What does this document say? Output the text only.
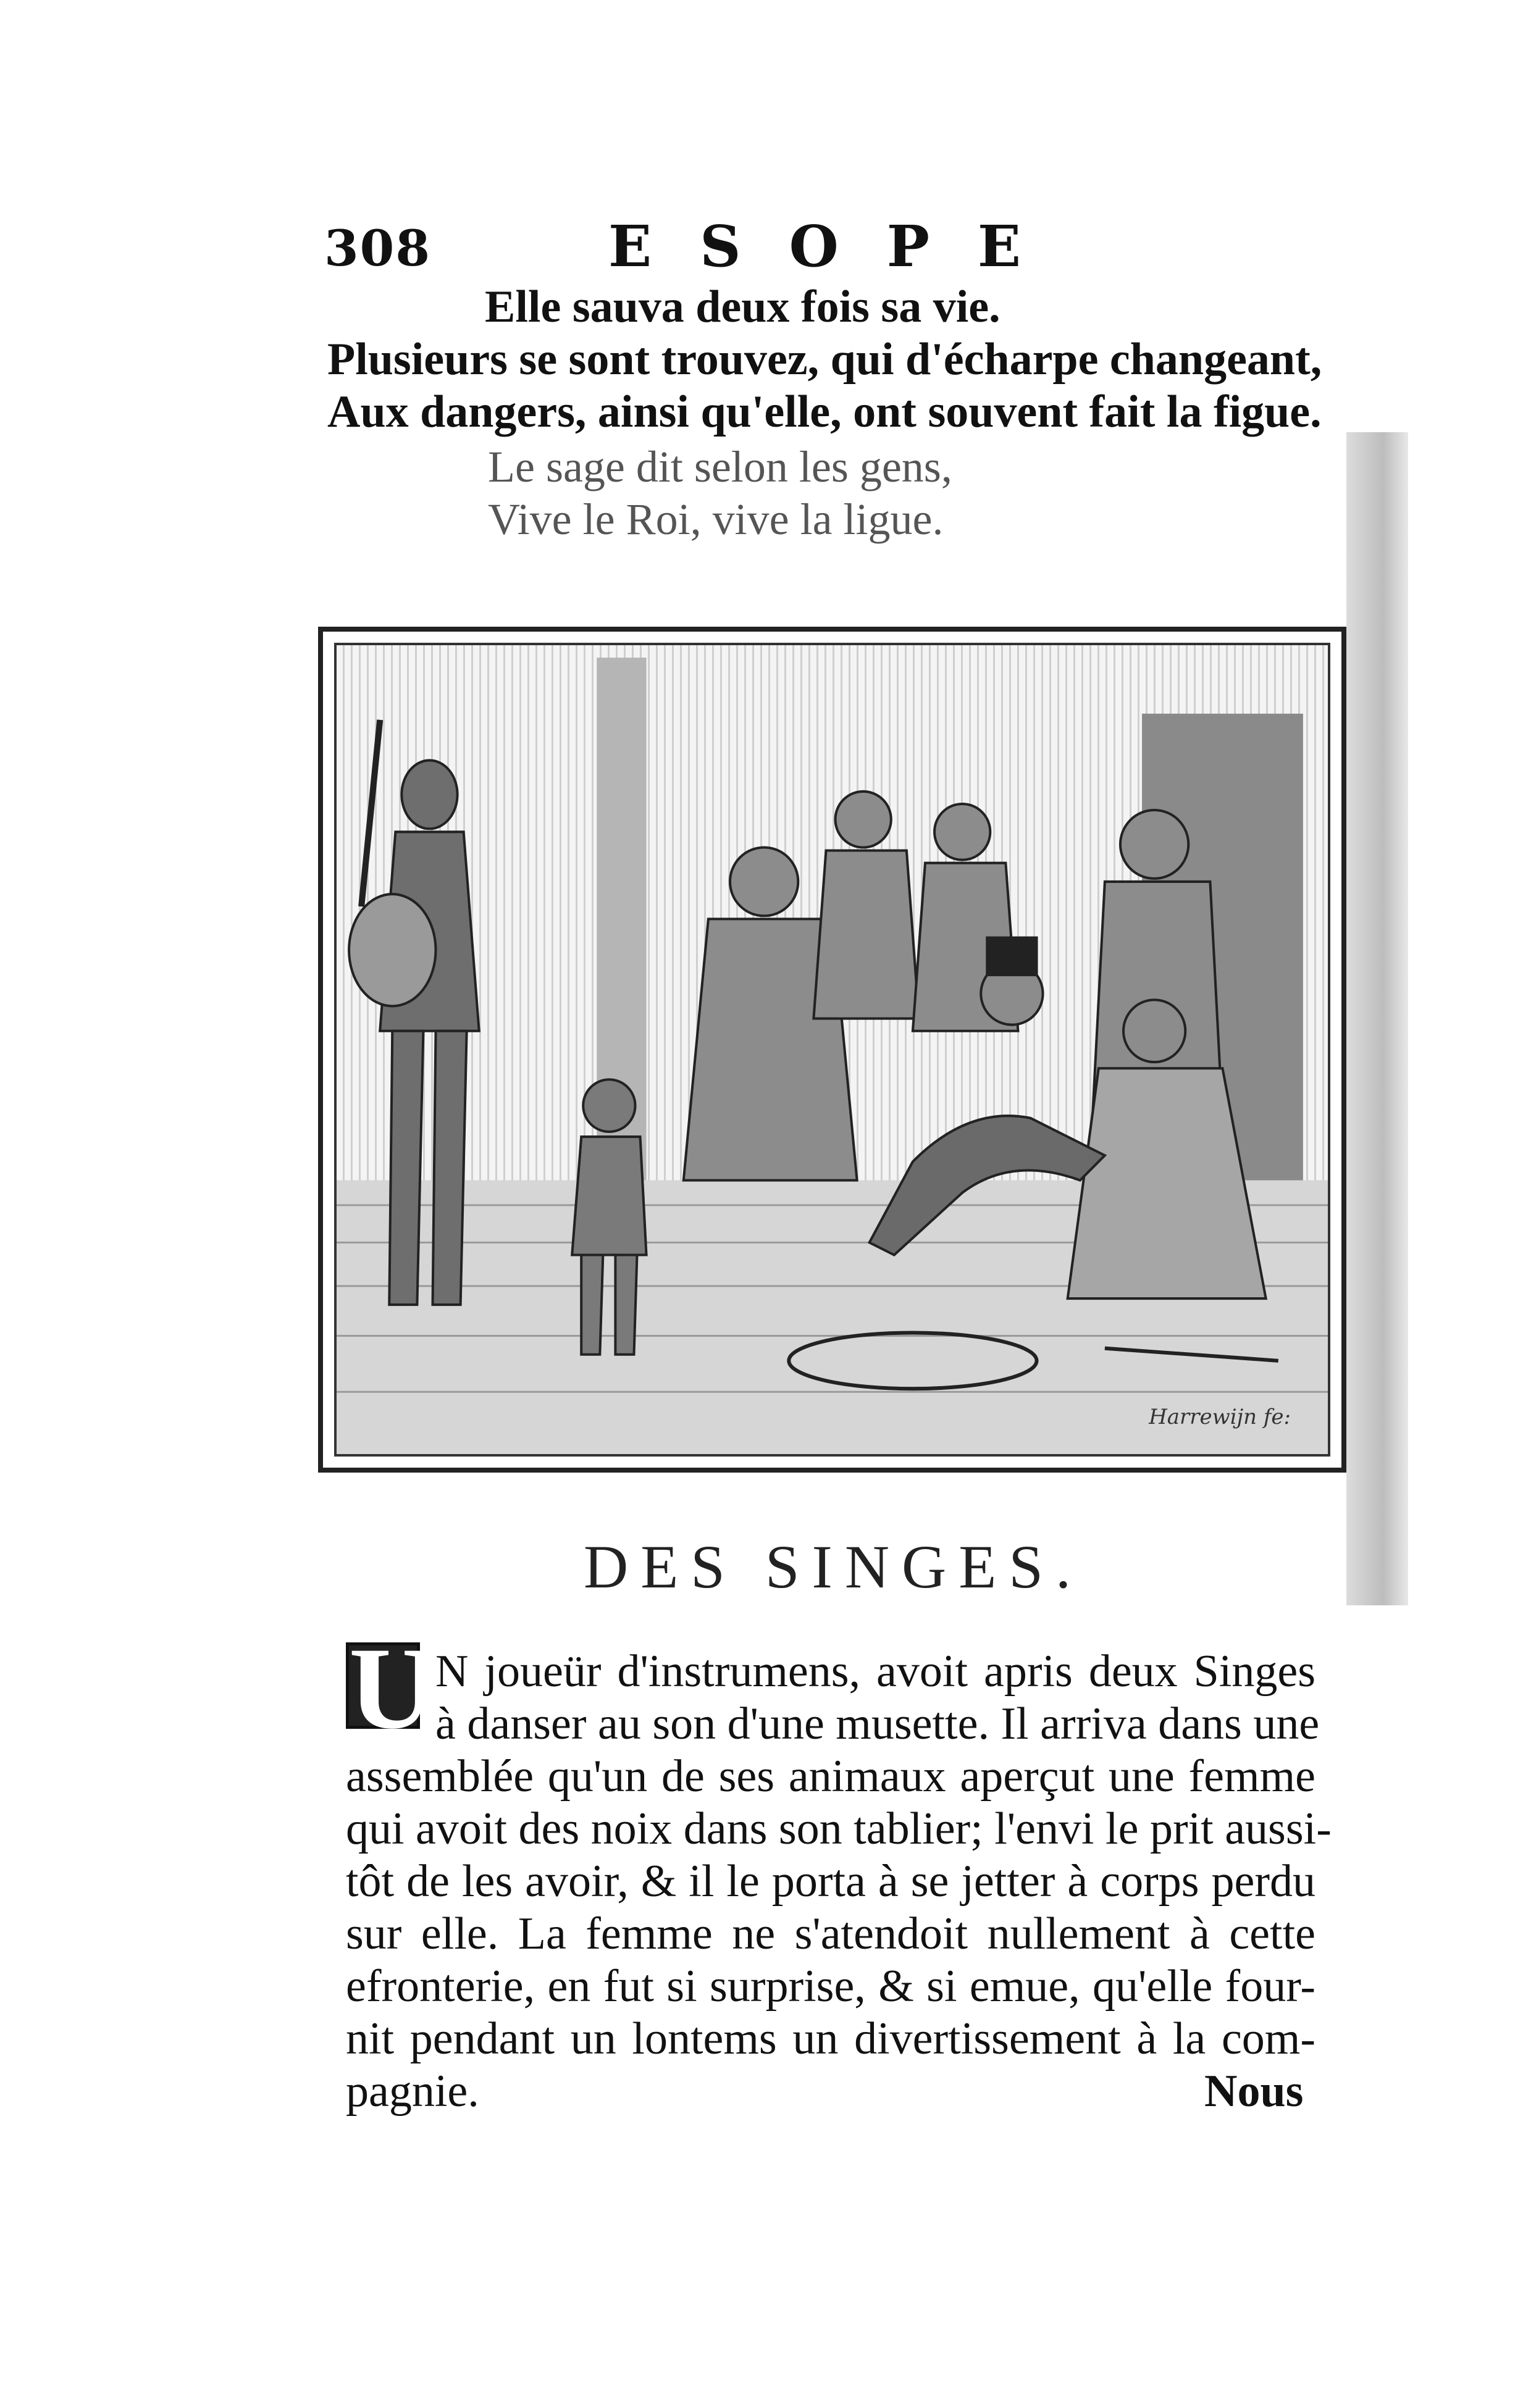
308	ESOPE
Elle sauva deux fois sa vie.
Plusieurs se sont trouvez, qui d'écharpe changeant,
Aux dangers, ainsi qu'elle, ont souvent fait la figue.
Le sage dit selon les gens,
Vive le Roi, vive la ligue.
Harrewijn fe:
DES SINGES.
U N joueür d'instrumens, avoit apris deux Singes
à danser au son d'une musette. Il arriva dans une
assemblée qu'un de ses animaux aperçut une femme
qui avoit des noix dans son tablier; l'envi le prit aussi-
tôt de les avoir, & il le porta à se jetter à corps perdu
sur elle. La femme ne s'atendoit nullement à cette
efronterie, en fut si surprise, & si emue, qu'elle four-
nit pendant un lontems un divertissement à la com-
pagnie.	Nous
